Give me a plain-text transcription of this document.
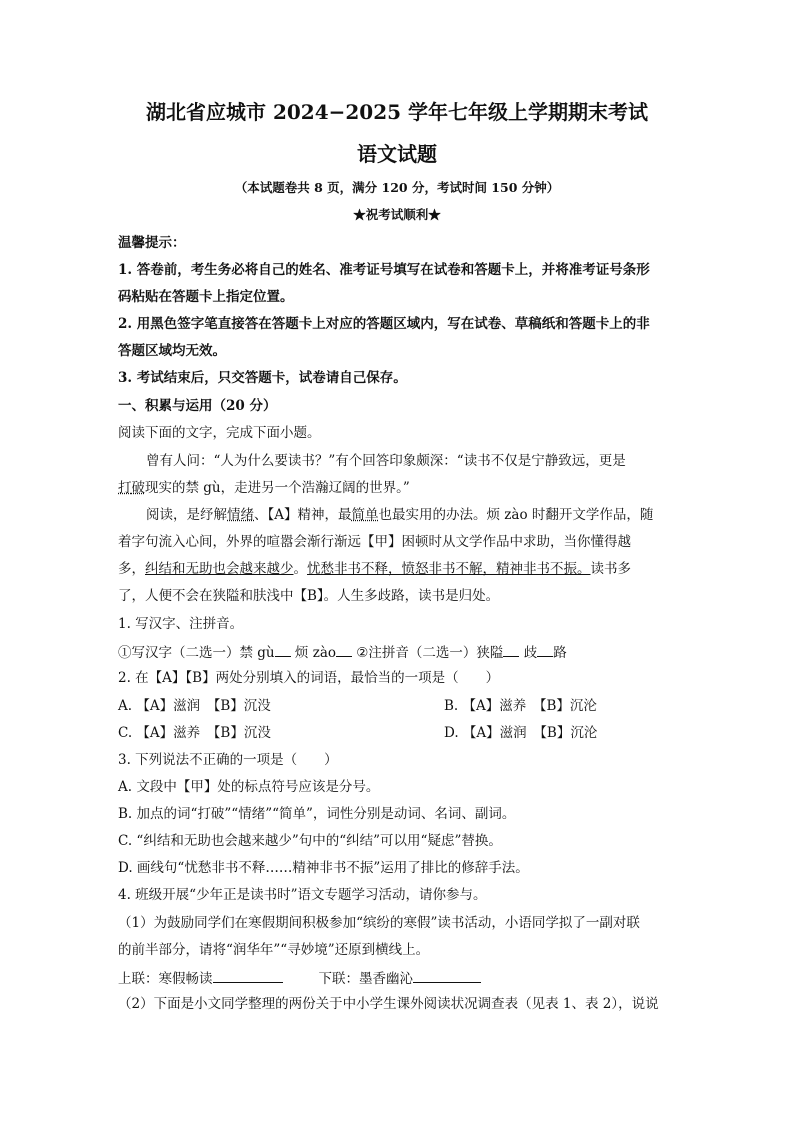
湖北省应城市 2024−2025 学年七年级上学期期末考试
语文试题
（本试题卷共 8 页，满分 120 分，考试时间 150 分钟）
★祝考试顺利★
温馨提示：
1. 答卷前，考生务必将自己的姓名、准考证号填写在试卷和答题卡上，并将准考证号条形
码粘贴在答题卡上指定位置。
2. 用黑色签字笔直接答在答题卡上对应的答题区域内，写在试卷、草稿纸和答题卡上的非
答题区域均无效。
3. 考试结束后，只交答题卡，试卷请自己保存。
一、积累与运用（20 分）
阅读下面的文字，完成下面小题。
曾有人问：“人为什么要读书？”有个回答印象颇深：“读书不仅是宁静致远，更是
打破现实的禁 gù，走进另一个浩瀚辽阔的世界。”
阅读，是纾解情绪、【A】精神，最简单也最实用的办法。烦 zào 时翻开文学作品，随
着字句流入心间，外界的喧嚣会渐行渐远【甲】困顿时从文学作品中求助，当你懂得越
多，纠结和无助也会越来越少。忧愁非书不释，愤怒非书不解，精神非书不振。读书多
了，人便不会在狭隘和肤浅中【B】。人生多歧路，读书是归处。
1. 写汉字、注拼音。
①写汉字（二选一）禁 gù 烦 zào ②注拼音（二选一）狭隘 歧 路
2. 在【A】【B】两处分别填入的词语，最恰当的一项是（　　）
A. 【A】滋润　【B】沉没	B. 【A】滋养　【B】沉沦
C. 【A】滋养　【B】沉没	D. 【A】滋润　【B】沉沦
3. 下列说法不正确的一项是（　　）
A. 文段中【甲】处的标点符号应该是分号。
B. 加点的词“打破”“情绪”“简单”，词性分别是动词、名词、副词。
C. “纠结和无助也会越来越少”句中的“纠结”可以用“疑虑”替换。
D. 画线句“忧愁非书不释……精神非书不振”运用了排比的修辞手法。
4. 班级开展“少年正是读书时”语文专题学习活动，请你参与。
（1）为鼓励同学们在寒假期间积极参加“缤纷的寒假”读书活动，小语同学拟了一副对联
的前半部分，请将“润华年”“寻妙境”还原到横线上。
上联：寒假畅读	下联：墨香幽沁
（2）下面是小文同学整理的两份关于中小学生课外阅读状况调查表（见表 1、表 2），说说
